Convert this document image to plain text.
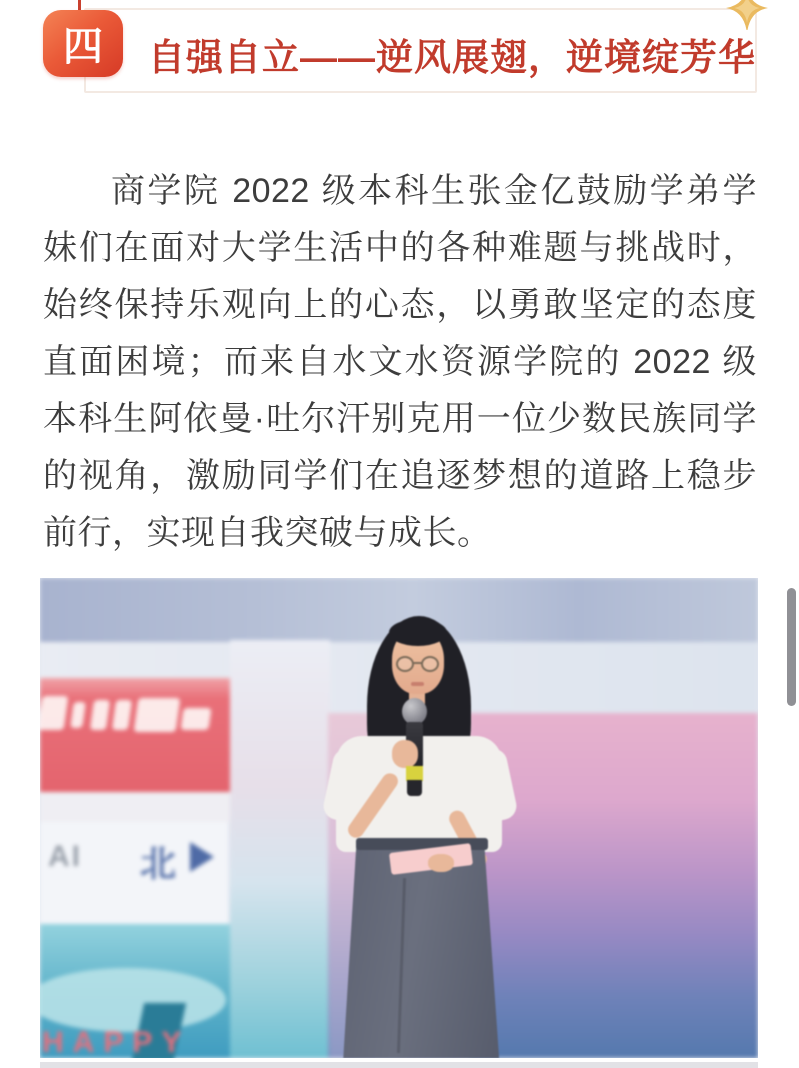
四	自强自立——逆风展翅，逆境绽芳华
商学院 2022 级本科生张金亿鼓励学弟学妹们在面对大学生活中的各种难题与挑战时，始终保持乐观向上的心态，以勇敢坚定的态度直面困境；而来自水文水资源学院的 2022 级本科生阿依曼·吐尔汗别克用一位少数民族同学的视角，激励同学们在追逐梦想的道路上稳步前行，实现自我突破与成长。
AI 北
HAPPY
